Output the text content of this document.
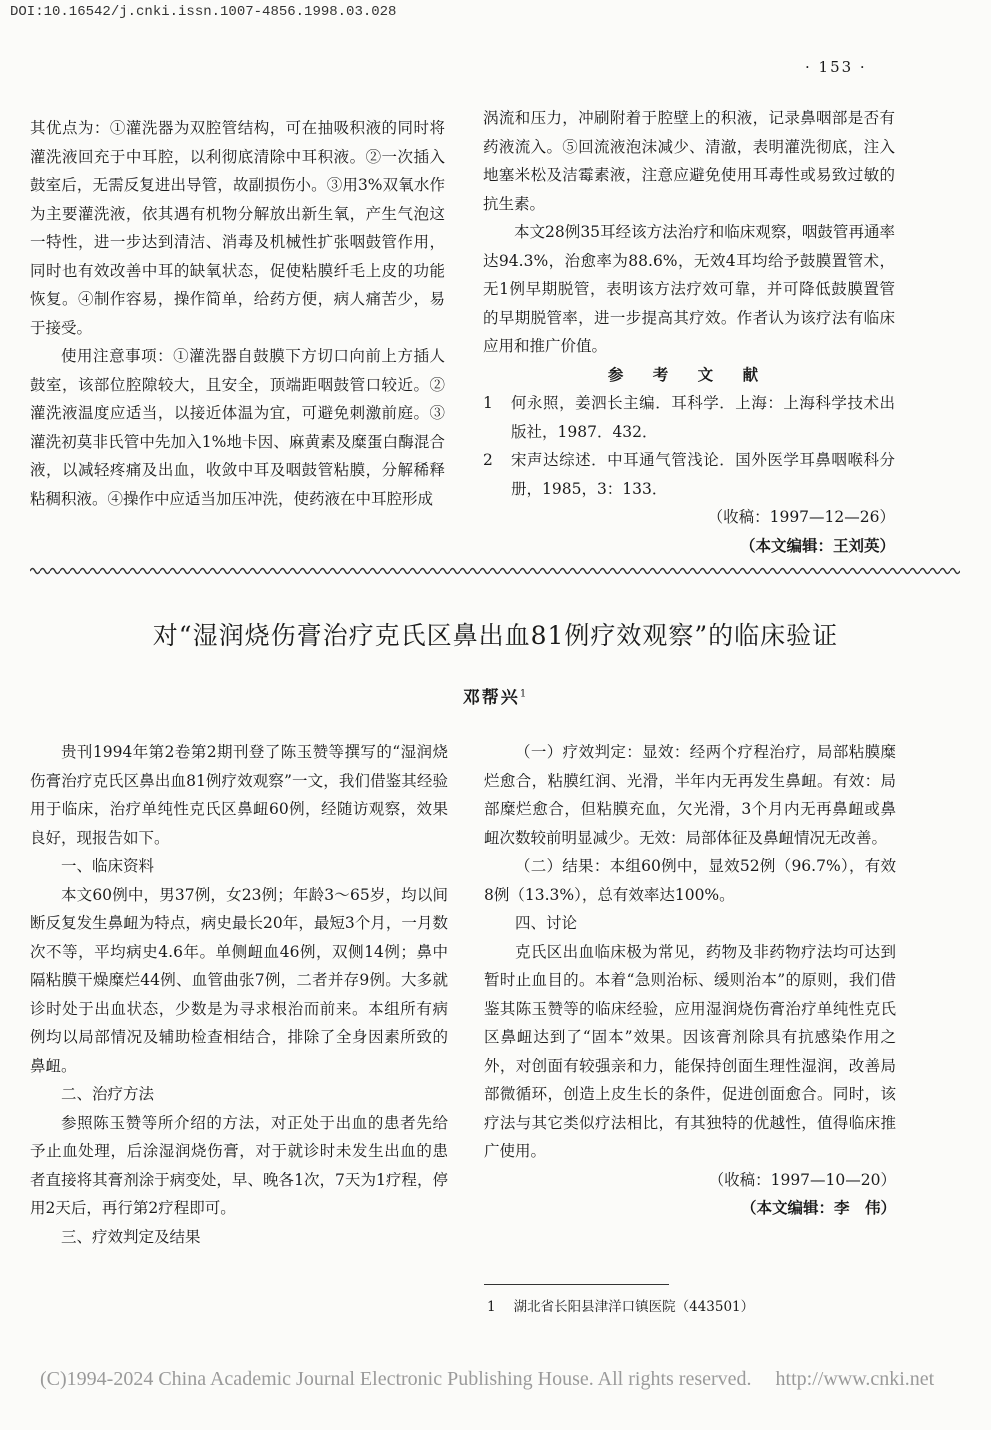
DOI:10.16542/j.cnki.issn.1007-4856.1998.03.028
· 153 ·

其优点为：①灌洗器为双腔管结构，可在抽吸积液的同时将灌洗液回充于中耳腔，以利彻底清除中耳积液。②一次插入鼓室后，无需反复进出导管，故副损伤小。③用3%双氧水作为主要灌洗液，依其遇有机物分解放出新生氧，产生气泡这一特性，进一步达到清洁、消毒及机械性扩张咽鼓管作用，同时也有效改善中耳的缺氧状态，促使粘膜纤毛上皮的功能恢复。④制作容易，操作简单，给药方便，病人痛苦少，易于接受。

使用注意事项：①灌洗器自鼓膜下方切口向前上方插人鼓室，该部位腔隙较大，且安全，顶端距咽鼓管口较近。②灌洗液温度应适当，以接近体温为宜，可避免刺激前庭。③灌洗初莫非氏管中先加入1%地卡因、麻黄素及糜蛋白酶混合液，以减轻疼痛及出血，收敛中耳及咽鼓管粘膜，分解稀释粘稠积液。④操作中应适当加压冲洗，使药液在中耳腔形成

涡流和压力，冲刷附着于腔壁上的积液，记录鼻咽部是否有药液流入。⑤回流液泡沫减少、清澈，表明灌洗彻底，注入地塞米松及洁霉素液，注意应避免使用耳毒性或易致过敏的抗生素。

本文28例35耳经该方法治疗和临床观察，咽鼓管再通率达94.3%，治愈率为88.6%，无效4耳均给予鼓膜置管术，无1例早期脱管，表明该方法疗效可靠，并可降低鼓膜置管的早期脱管率，进一步提高其疗效。作者认为该疗法有临床应用和推广价值。

参 考 文 献

1 何永照，姜泗长主编．耳科学．上海：上海科学技术出版社，1987．432．
2 宋声达综述．中耳通气管浅论．国外医学耳鼻咽喉科分册，1985，3：133．

（收稿：1997—12—26）

（本文编辑：王刘英）

对“湿润烧伤膏治疗克氏区鼻出血81例疗效观察”的临床验证
邓帮兴$^1$

贵刊1994年第2卷第2期刊登了陈玉赞等撰写的“湿润烧伤膏治疗克氏区鼻出血81例疗效观察”一文，我们借鉴其经验用于临床，治疗单纯性克氏区鼻衄60例，经随访观察，效果良好，现报告如下。

一、临床资料

本文60例中，男37例，女23例；年龄3～65岁，均以间断反复发生鼻衄为特点，病史最长20年，最短3个月，一月数次不等，平均病史4.6年。单侧衄血46例，双侧14例；鼻中隔粘膜干燥糜烂44例、血管曲张7例，二者并存9例。大多就诊时处于出血状态，少数是为寻求根治而前来。本组所有病例均以局部情况及辅助检查相结合，排除了全身因素所致的鼻衄。

二、治疗方法

参照陈玉赞等所介绍的方法，对正处于出血的患者先给予止血处理，后涂湿润烧伤膏，对于就诊时未发生出血的患者直接将其膏剂涂于病变处，早、晚各1次，7天为1疗程，停用2天后，再行第2疗程即可。

三、疗效判定及结果

（一）疗效判定：显效：经两个疗程治疗，局部粘膜糜烂愈合，粘膜红润、光滑，半年内无再发生鼻衄。有效：局部糜烂愈合，但粘膜充血，欠光滑，3个月内无再鼻衄或鼻衄次数较前明显减少。无效：局部体征及鼻衄情况无改善。

（二）结果：本组60例中，显效52例（96.7%），有效8例（13.3%），总有效率达100%。

四、讨论

克氏区出血临床极为常见，药物及非药物疗法均可达到暂时止血目的。本着“急则治标、缓则治本”的原则，我们借鉴其陈玉赞等的临床经验，应用湿润烧伤膏治疗单纯性克氏区鼻衄达到了“固本”效果。因该膏剂除具有抗感染作用之外，对创面有较强亲和力，能保持创面生理性湿润，改善局部微循环，创造上皮生长的条件，促进创面愈合。同时，该疗法与其它类似疗法相比，有其独特的优越性，值得临床推广使用。

（收稿：1997—10—20）

（本文编辑：李　伟）

1 湖北省长阳县津洋口镇医院（443501）
(C)1994-2024 China Academic Journal Electronic Publishing House. All rights reserved. http://www.cnki.net
